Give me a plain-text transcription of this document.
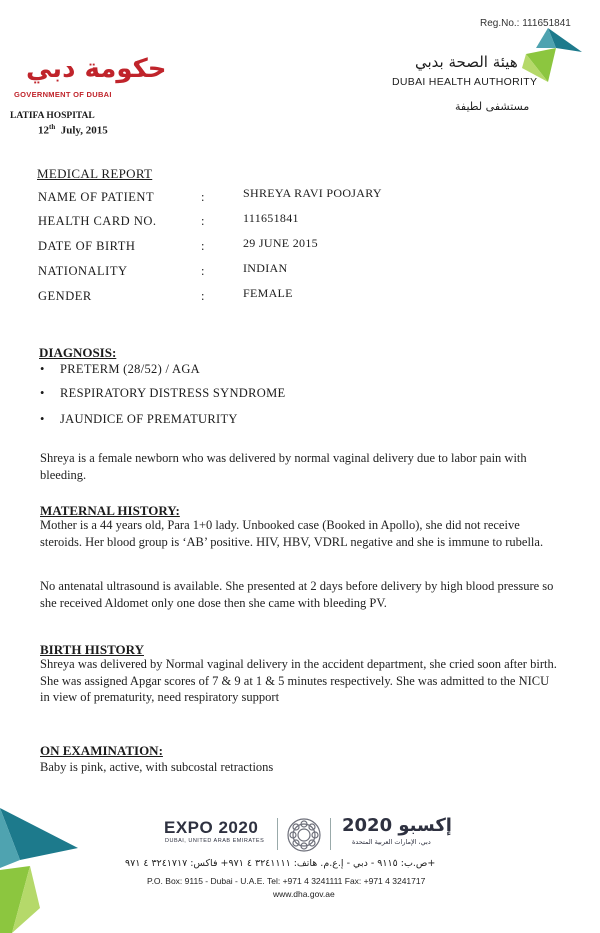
Reg.No.: 111651841
حكومة دبي
GOVERNMENT OF DUBAI
هيئة الصحة بدبي
DUBAI HEALTH AUTHORITY
مستشفى لطيفة
LATIFA HOSPITAL
12th July, 2015
MEDICAL REPORT
NAME OF PATIENT	:	SHREYA RAVI POOJARY
HEALTH CARD NO.	:	111651841
DATE OF BIRTH	:	29 JUNE 2015
NATIONALITY	:	INDIAN
GENDER	:	FEMALE
DIAGNOSIS:
• PRETERM (28/52) / AGA
• RESPIRATORY DISTRESS SYNDROME
• JAUNDICE OF PREMATURITY
Shreya is a female newborn who was delivered by normal vaginal delivery due to labor pain with bleeding.
MATERNAL HISTORY:
Mother is a 44 years old, Para 1+0 lady. Unbooked case (Booked in Apollo), she did not receive steroids. Her blood group is ‘AB’ positive. HIV, HBV, VDRL negative and she is immune to rubella.
No antenatal ultrasound is available. She presented at 2 days before delivery by high blood pressure so she received Aldomet only one dose then she came with bleeding PV.
BIRTH HISTORY
Shreya was delivered by Normal vaginal delivery in the accident department, she cried soon after birth. She was assigned Apgar scores of 7 & 9 at 1 & 5 minutes respectively. She was admitted to the NICU in view of prematurity, need respiratory support
ON EXAMINATION:
Baby is pink, active, with subcostal retractions
EXPO 2020
DUBAI, UNITED ARAB EMIRATES
إكسبو 2020
دبي، الإمارات العربية المتحدة
ص.ب: ٩١١٥ - دبي - إ.ع.م. هاتف: ٣٢٤١١١١ ٤ ٩٧١+ فاكس: ٣٢٤١٧١٧ ٤ ٩٧١+
P.O. Box: 9115 - Dubai - U.A.E. Tel: +971 4 3241111 Fax: +971 4 3241717
www.dha.gov.ae
